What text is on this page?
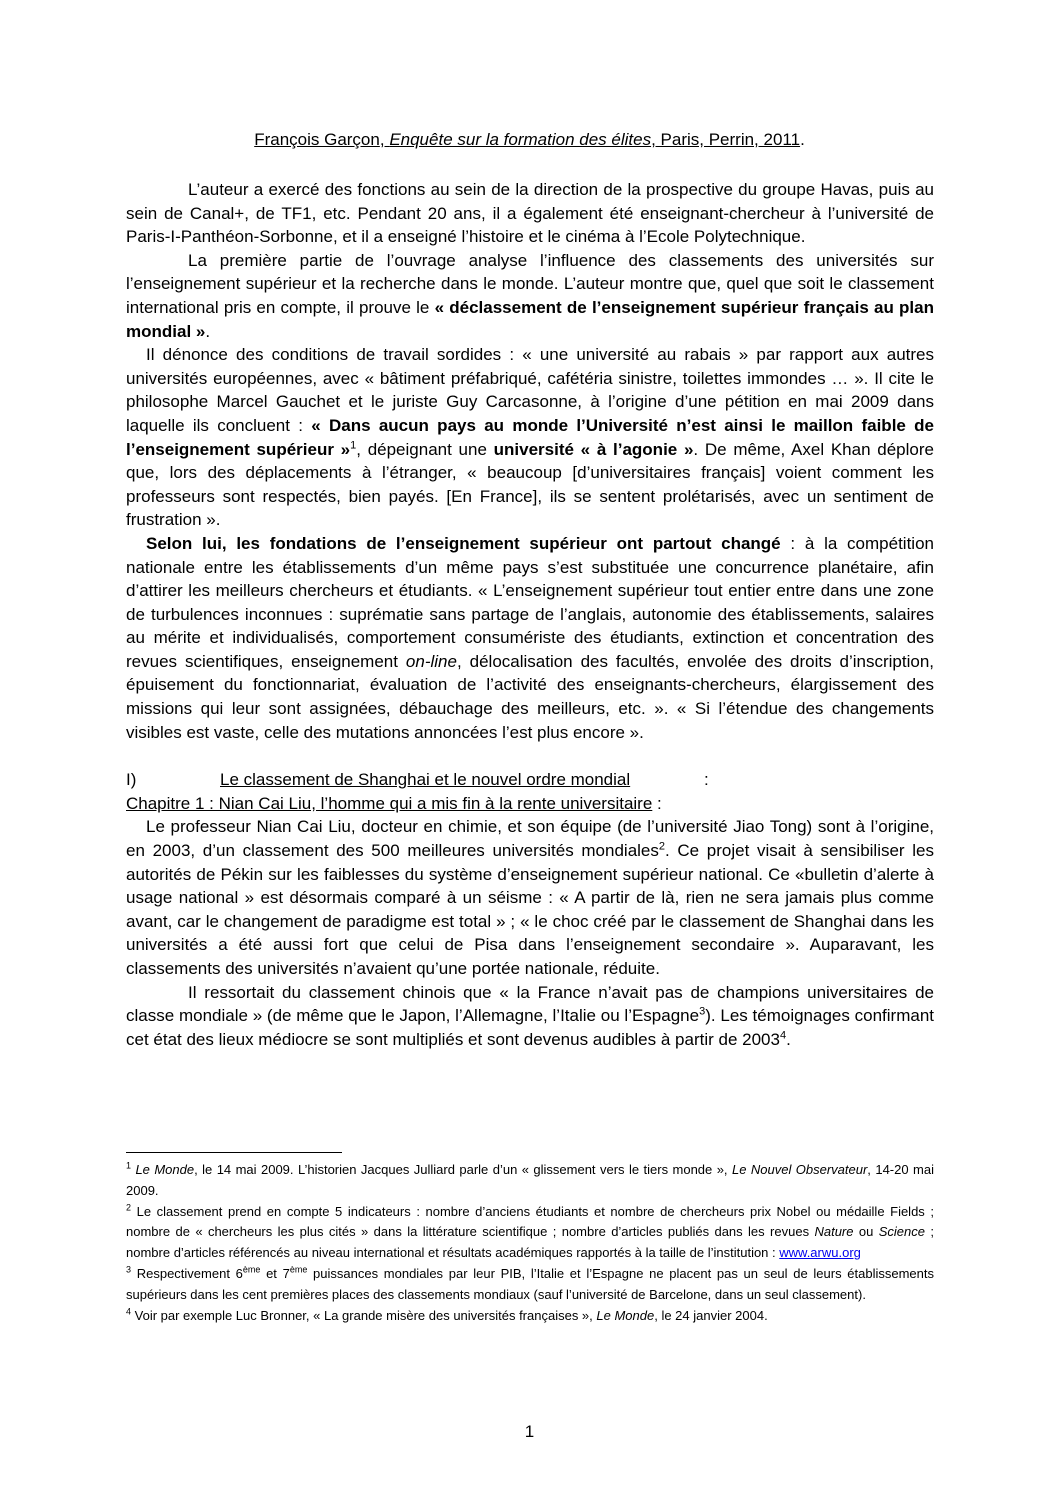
François Garçon, Enquête sur la formation des élites, Paris, Perrin, 2011.

L’auteur a exercé des fonctions au sein de la direction de la prospective du groupe Havas, puis au sein de Canal+, de TF1, etc. Pendant 20 ans, il a également été enseignant-chercheur à l’université de Paris-I-Panthéon-Sorbonne, et il a enseigné l’histoire et le cinéma à l’Ecole Polytechnique.

La première partie de l’ouvrage analyse l’influence des classements des universités sur l’enseignement supérieur et la recherche dans le monde. L’auteur montre que, quel que soit le classement international pris en compte, il prouve le « déclassement de l’enseignement supérieur français au plan mondial ».

Il dénonce des conditions de travail sordides : « une université au rabais » par rapport aux autres universités européennes, avec « bâtiment préfabriqué, cafétéria sinistre, toilettes immondes … ». Il cite le philosophe Marcel Gauchet et le juriste Guy Carcasonne, à l’origine d’une pétition en mai 2009 dans laquelle ils concluent : « Dans aucun pays au monde l’Université n’est ainsi le maillon faible de l’enseignement supérieur »$^1$, dépeignant une université « à l’agonie ». De même, Axel Khan déplore que, lors des déplacements à l’étranger, « beaucoup [d’universitaires français] voient comment les professeurs sont respectés, bien payés. [En France], ils se sentent prolétarisés, avec un sentiment de frustration ».

Selon lui, les fondations de l’enseignement supérieur ont partout changé : à la compétition nationale entre les établissements d’un même pays s’est substituée une concurrence planétaire, afin d’attirer les meilleurs chercheurs et étudiants. « L’enseignement supérieur tout entier entre dans une zone de turbulences inconnues : suprématie sans partage de l’anglais, autonomie des établissements, salaires au mérite et individualisés, comportement consumériste des étudiants, extinction et concentration des revues scientifiques, enseignement on-line, délocalisation des facultés, envolée des droits d’inscription, épuisement du fonctionnariat, évaluation de l’activité des enseignants-chercheurs, élargissement des missions qui leur sont assignées, débauchage des meilleurs, etc. ». « Si l’étendue des changements visibles est vaste, celle des mutations annoncées l’est plus encore ».

I)	Le classement de Shanghai et le nouvel ordre mondial	:

Chapitre 1 : Nian Cai Liu, l’homme qui a mis fin à la rente universitaire :

Le professeur Nian Cai Liu, docteur en chimie, et son équipe (de l’université Jiao Tong) sont à l’origine, en 2003, d’un classement des 500 meilleures universités mondiales$^2$. Ce projet visait à sensibiliser les autorités de Pékin sur les faiblesses du système d’enseignement supérieur national. Ce «bulletin d’alerte à usage national » est désormais comparé à un séisme : « A partir de là, rien ne sera jamais plus comme avant, car le changement de paradigme est total » ; « le choc créé par le classement de Shanghai dans les universités a été aussi fort que celui de Pisa dans l’enseignement secondaire ». Auparavant, les classements des universités n’avaient qu’une portée nationale, réduite.

Il ressortait du classement chinois que « la France n’avait pas de champions universitaires de classe mondiale » (de même que le Japon, l’Allemagne, l’Italie ou l’Espagne$^3$). Les témoignages confirmant cet état des lieux médiocre se sont multipliés et sont devenus audibles à partir de 2003$^4$.

$^1$ Le Monde, le 14 mai 2009. L’historien Jacques Julliard parle d’un « glissement vers le tiers monde », Le Nouvel Observateur, 14-20 mai 2009.

$^2$ Le classement prend en compte 5 indicateurs : nombre d’anciens étudiants et nombre de chercheurs prix Nobel ou médaille Fields ; nombre de « chercheurs les plus cités » dans la littérature scientifique ; nombre d’articles publiés dans les revues Nature ou Science ; nombre d’articles référencés au niveau international et résultats académiques rapportés à la taille de l’institution : www.arwu.org

$^3$ Respectivement 6ème et 7ème puissances mondiales par leur PIB, l’Italie et l’Espagne ne placent pas un seul de leurs établissements supérieurs dans les cent premières places des classements mondiaux (sauf l’université de Barcelone, dans un seul classement).

$^4$ Voir par exemple Luc Bronner, « La grande misère des universités françaises », Le Monde, le 24 janvier 2004.

1
